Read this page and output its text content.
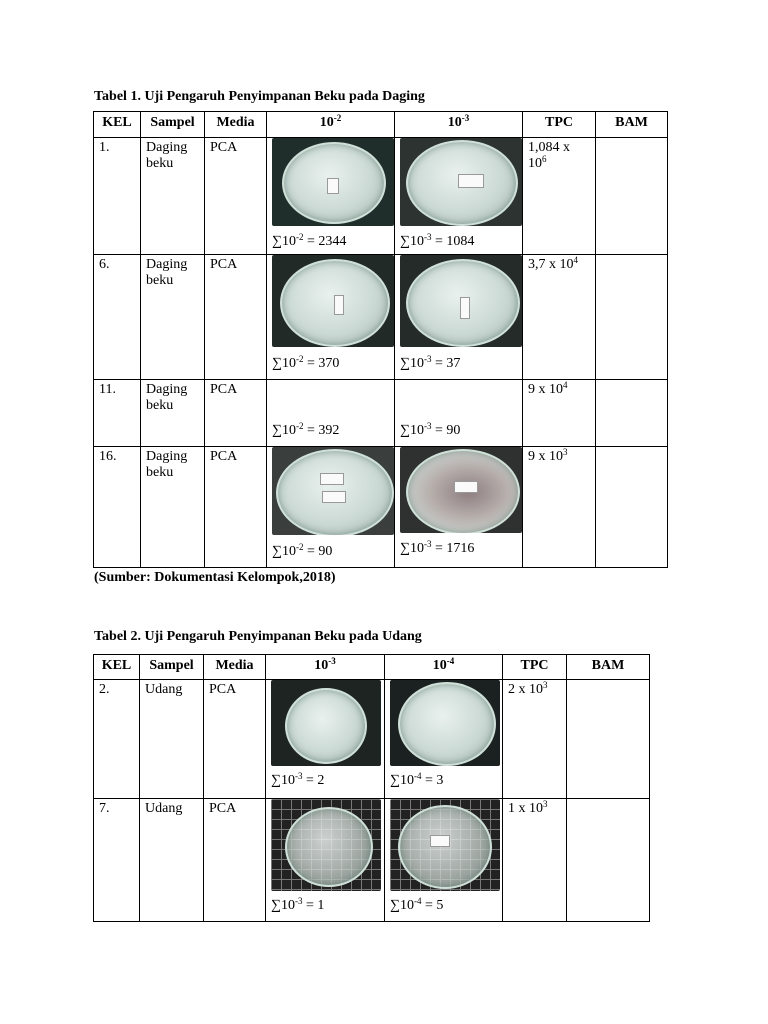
Tabel 1. Uji Pengaruh Penyimpanan Beku pada Daging
KEL	Sampel	Media	$10^{-2}$	$10^{-3}$	TPC	BAM
1.	Daging beku	PCA	$\sum 10^{-2} = 2344$	$\sum 10^{-3} = 1084$	1,084 x $10^6$	
6.	Daging beku	PCA	$\sum 10^{-2} = 370$	$\sum 10^{-3} = 37$	3,7 x $10^4$	
11.	Daging beku	PCA	$\sum 10^{-2} = 392$	$\sum 10^{-3} = 90$	9 x $10^4$	
16.	Daging beku	PCA	$\sum 10^{-2} = 90$	$\sum 10^{-3} = 1716$	9 x $10^3$	
(Sumber: Dokumentasi Kelompok,2018)
Tabel 2. Uji Pengaruh Penyimpanan Beku pada Udang
KEL	Sampel	Media	$10^{-3}$	$10^{-4}$	TPC	BAM
2.	Udang	PCA	$\sum 10^{-3} = 2$	$\sum 10^{-4} = 3$	2 x $10^3$	
7.	Udang	PCA	$\sum 10^{-3} = 1$	$\sum 10^{-4} = 5$	1 x $10^3$	
